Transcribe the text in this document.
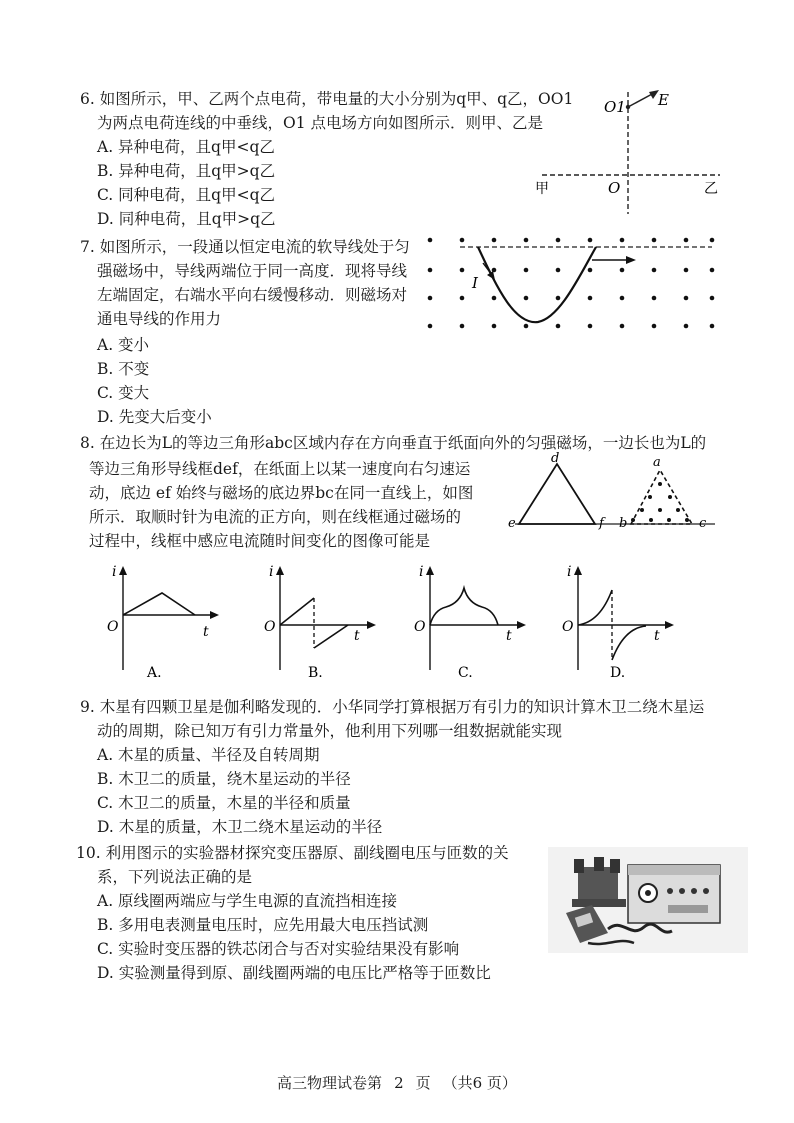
6. 如图所示，甲、乙两个点电荷，带电量的大小分别为q甲、q乙，OO1
为两点电荷连线的中垂线，O1 点电场方向如图所示．则甲、乙是
A. 异种电荷，且q甲<q乙
B. 异种电荷，且q甲>q乙
C. 同种电荷，且q甲<q乙
D. 同种电荷，且q甲>q乙
O1 E
O
甲	乙
7. 如图所示，一段通以恒定电流的软导线处于匀
强磁场中，导线两端位于同一高度．现将导线
左端固定，右端水平向右缓慢移动．则磁场对
通电导线的作用力
A. 变小
B. 不变
C. 变大
D. 先变大后变小
I
8. 在边长为L的等边三角形abc区域内存在方向垂直于纸面向外的匀强磁场，一边长也为L的
等边三角形导线框def，在纸面上以某一速度向右匀速运
动，底边 ef 始终与磁场的底边界bc在同一直线上，如图
所示．取顺时针为电流的正方向，则在线框通过磁场的
过程中，线框中感应电流随时间变化的图像可能是
d
e	f
a
b	c
i
O	t
A.
i
O
t
B.
i
O
t
C.
i
O
t
D.
9. 木星有四颗卫星是伽利略发现的．小华同学打算根据万有引力的知识计算木卫二绕木星运
动的周期，除已知万有引力常量外，他利用下列哪一组数据就能实现
A. 木星的质量、半径及自转周期
B. 木卫二的质量，绕木星运动的半径
C. 木卫二的质量，木星的半径和质量
D. 木星的质量，木卫二绕木星运动的半径
10. 利用图示的实验器材探究变压器原、副线圈电压与匝数的关
系，下列说法正确的是
A. 原线圈两端应与学生电源的直流挡相连接
B. 多用电表测量电压时，应先用最大电压挡试测
C. 实验时变压器的铁芯闭合与否对实验结果没有影响
D. 实验测量得到原、副线圈两端的电压比严格等于匝数比
高三物理试卷第 2 页 （共6 页）
